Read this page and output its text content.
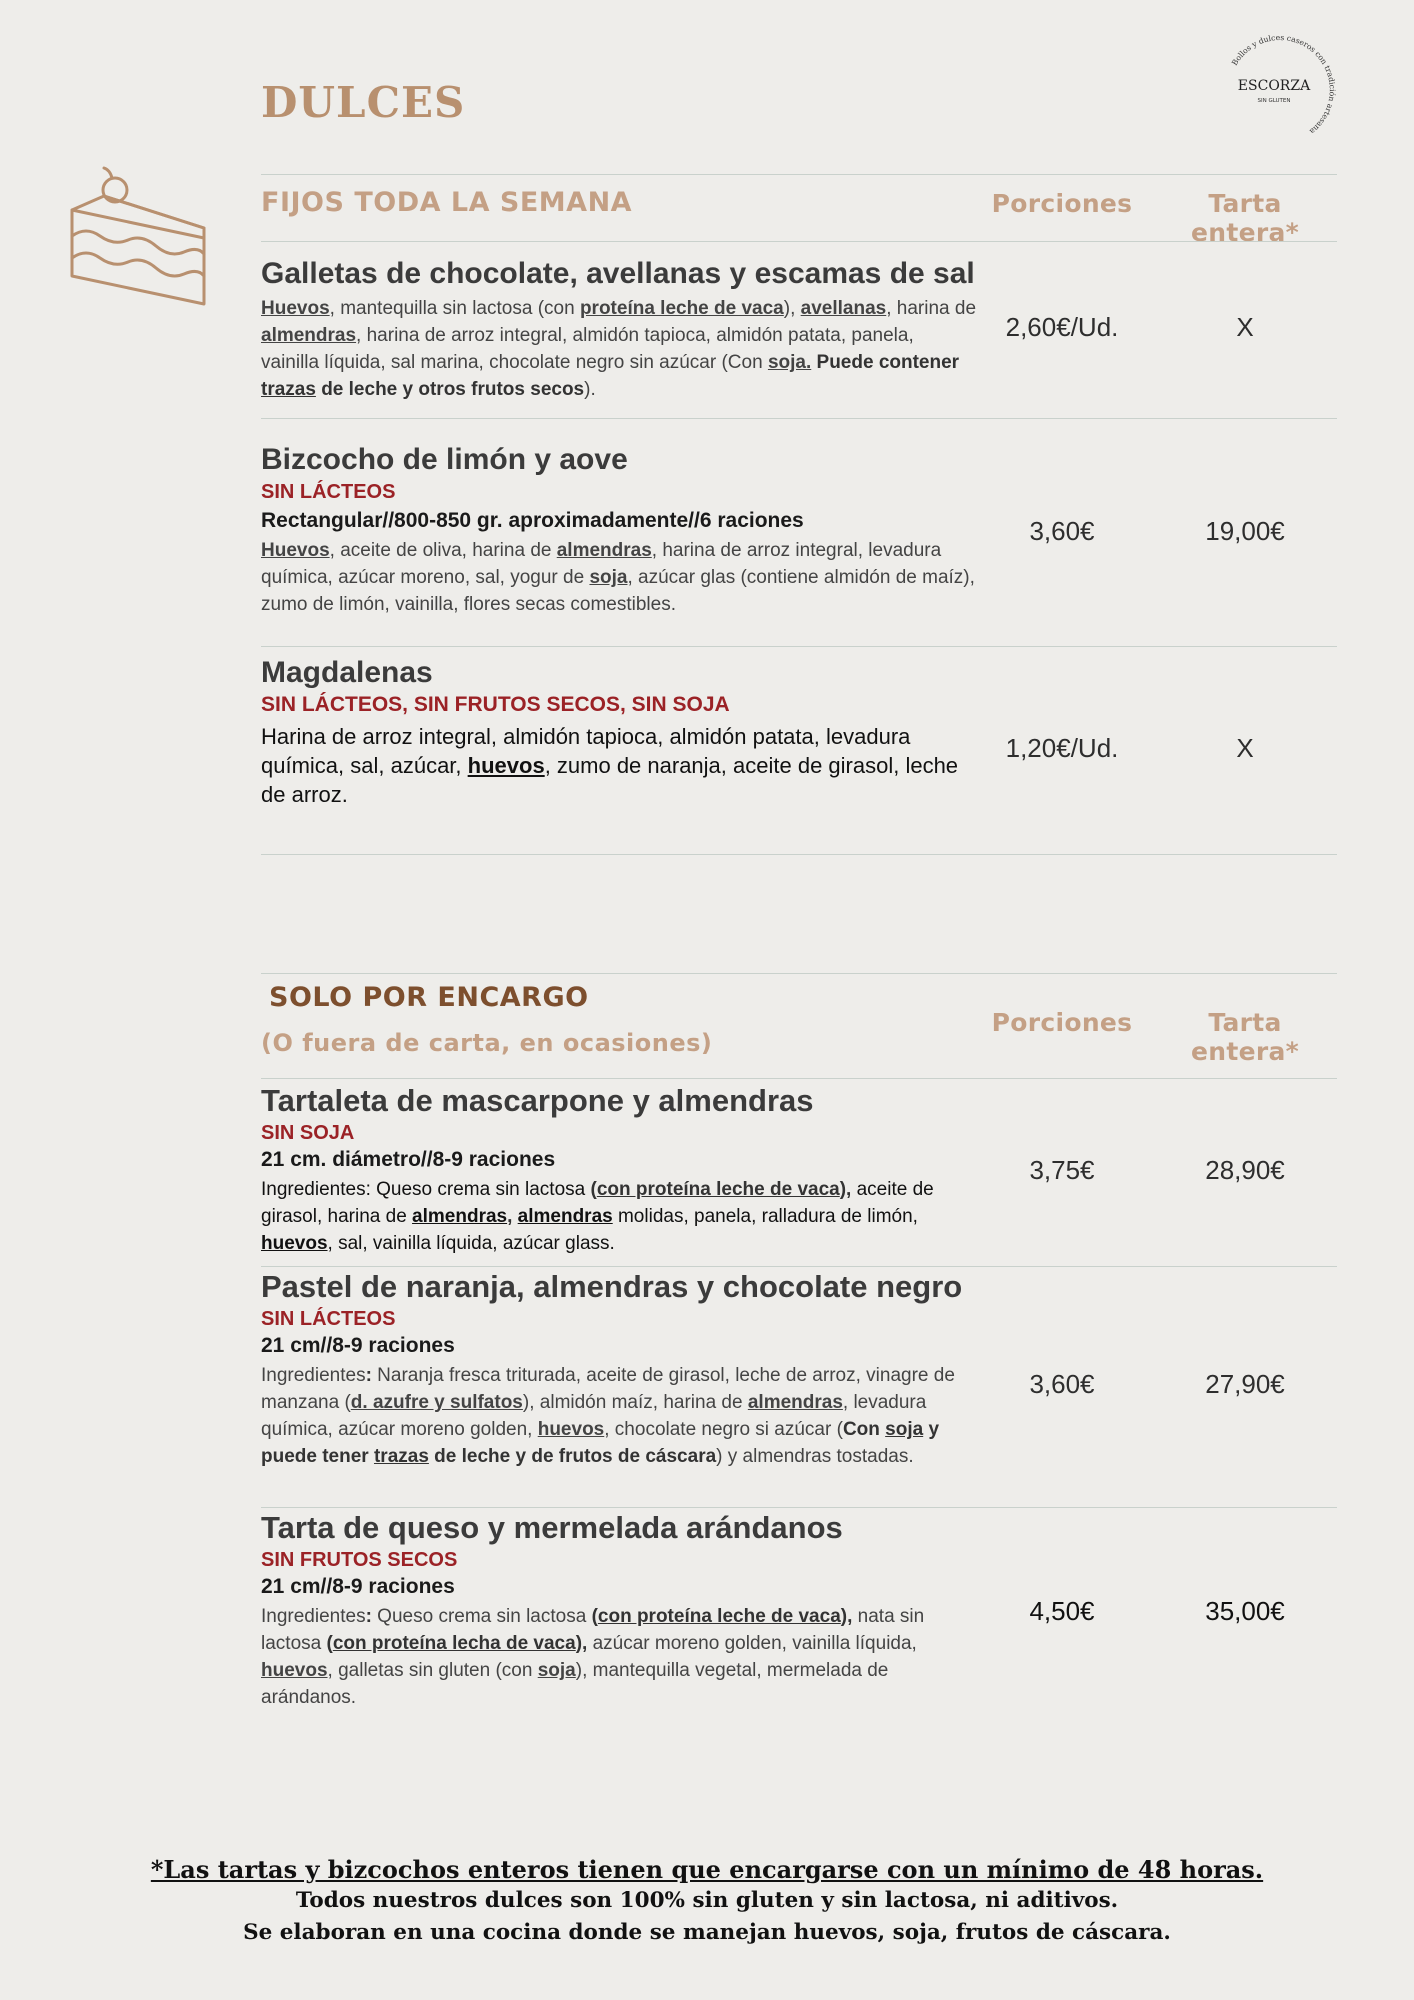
DULCES
Bollos y dulces caseros con tradición artesana
ESCORZA
SIN GLUTEN
FIJOS TODA LA SEMANA	Porciones	Tarta entera*
Galletas de chocolate, avellanas y escamas de sal
Huevos, mantequilla sin lactosa (con proteína leche de vaca), avellanas, harina de almendras, harina de arroz integral, almidón tapioca, almidón patata, panela, vainilla líquida, sal marina, chocolate negro sin azúcar (Con soja. Puede contener trazas de leche y otros frutos secos).
2,60€/Ud.	X
Bizcocho de limón y aove
SIN LÁCTEOS
Rectangular//800-850 gr. aproximadamente//6 raciones
Huevos, aceite de oliva, harina de almendras, harina de arroz integral, levadura química, azúcar moreno, sal, yogur de soja, azúcar glas (contiene almidón de maíz), zumo de limón, vainilla, flores secas comestibles.
3,60€	19,00€
Magdalenas
SIN LÁCTEOS, SIN FRUTOS SECOS, SIN SOJA
Harina de arroz integral, almidón tapioca, almidón patata, levadura química, sal, azúcar, huevos, zumo de naranja, aceite de girasol, leche de arroz.
1,20€/Ud.	X
SOLO POR ENCARGO
(O fuera de carta, en ocasiones)
Porciones	Tarta entera*
Tartaleta de mascarpone y almendras
SIN SOJA
21 cm. diámetro//8-9 raciones
Ingredientes: Queso crema sin lactosa (con proteína leche de vaca), aceite de girasol, harina de almendras, almendras molidas, panela, ralladura de limón, huevos, sal, vainilla líquida, azúcar glass.
3,75€	28,90€
Pastel de naranja, almendras y chocolate negro
SIN LÁCTEOS
21 cm//8-9 raciones
Ingredientes: Naranja fresca triturada, aceite de girasol, leche de arroz, vinagre de manzana (d. azufre y sulfatos), almidón maíz, harina de almendras, levadura química, azúcar moreno golden, huevos, chocolate negro si azúcar (Con soja y puede tener trazas de leche y de frutos de cáscara) y almendras tostadas.
3,60€	27,90€
Tarta de queso y mermelada arándanos
SIN FRUTOS SECOS
21 cm//8-9 raciones
Ingredientes: Queso crema sin lactosa (con proteína leche de vaca), nata sin lactosa (con proteína lecha de vaca), azúcar moreno golden, vainilla líquida, huevos, galletas sin gluten (con soja), mantequilla vegetal, mermelada de arándanos.
4,50€	35,00€
*Las tartas y bizcochos enteros tienen que encargarse con un mínimo de 48 horas.
Todos nuestros dulces son 100% sin gluten y sin lactosa, ni aditivos.
Se elaboran en una cocina donde se manejan huevos, soja, frutos de cáscara.
